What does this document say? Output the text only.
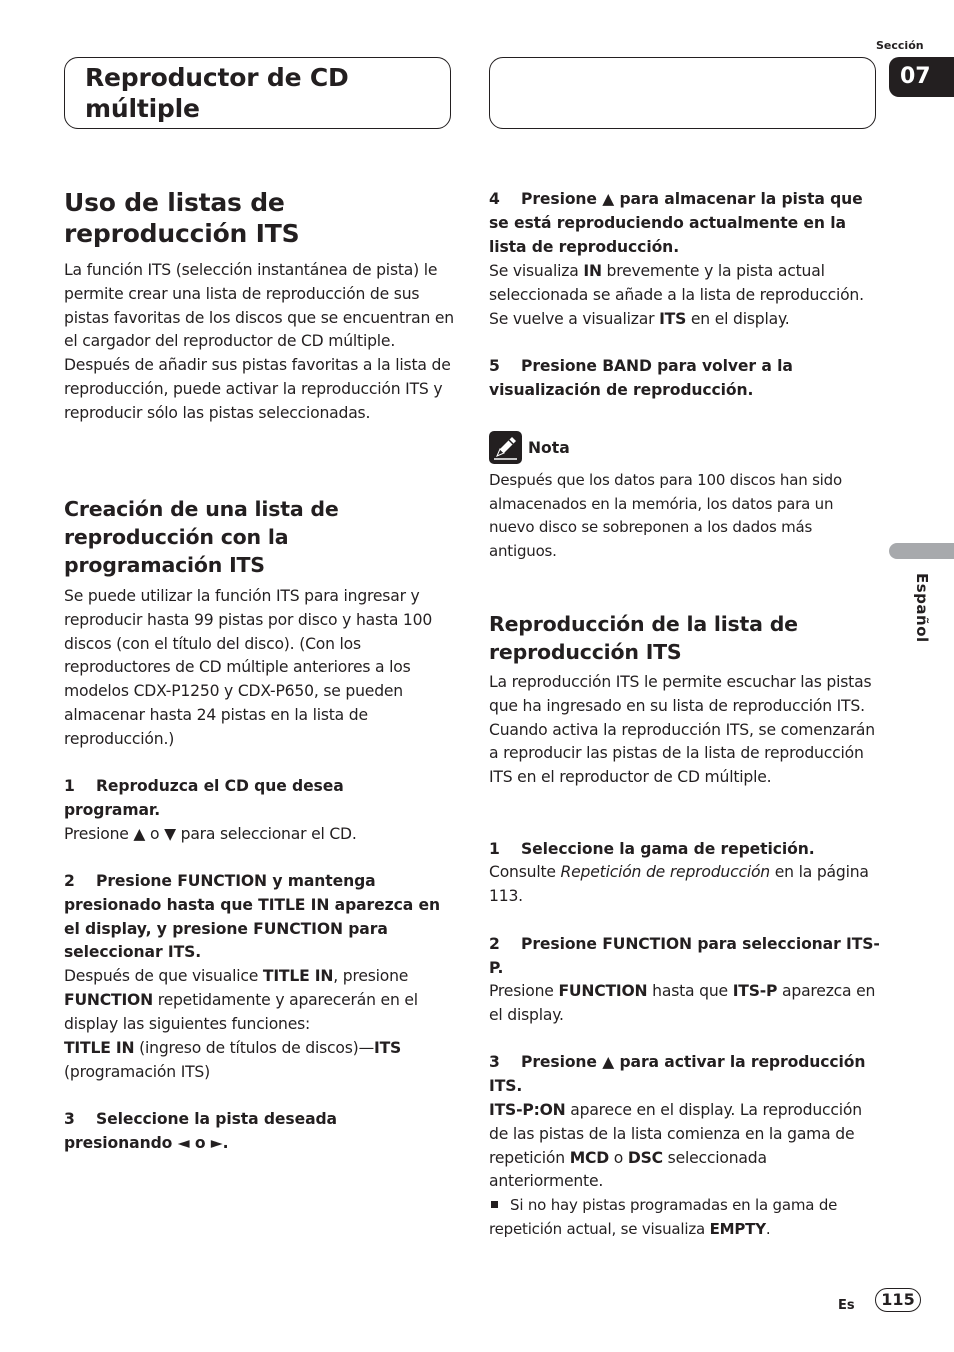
Reproductor de CD múltiple
Sección
07
Español
Uso de listas de reproducción ITS
La función ITS (selección instantánea de pista) le permite crear una lista de reproducción de sus pistas favoritas de los discos que se encuentran en el cargador del reproductor de CD múltiple. Después de añadir sus pistas favoritas a la lista de reproducción, puede activar la reproducción ITS y reproducir sólo las pistas seleccionadas.
Creación de una lista de reproducción con la programación ITS
Se puede utilizar la función ITS para ingresar y reproducir hasta 99 pistas por disco y hasta 100 discos (con el título del disco). (Con los reproductores de CD múltiple anteriores a los modelos CDX-P1250 y CDX-P650, se pueden almacenar hasta 24 pistas en la lista de reproducción.)
1 Reproduzca el CD que desea programar.
Presione ▲ o ▼ para seleccionar el CD.
2 Presione FUNCTION y mantenga presionado hasta que TITLE IN aparezca en el display, y presione FUNCTION para seleccionar ITS.
Después de que visualice TITLE IN, presione FUNCTION repetidamente y aparecerán en el display las siguientes funciones:
TITLE IN (ingreso de títulos de discos)—ITS (programación ITS)
3 Seleccione la pista deseada presionando ◄ o ►.
4 Presione ▲ para almacenar la pista que se está reproduciendo actualmente en la lista de reproducción.
Se visualiza IN brevemente y la pista actual seleccionada se añade a la lista de reproducción. Se vuelve a visualizar ITS en el display.
5 Presione BAND para volver a la visualización de reproducción.
Nota
Después que los datos para 100 discos han sido almacenados en la memória, los datos para un nuevo disco se sobreponen a los dados más antiguos.
Reproducción de la lista de reproducción ITS
La reproducción ITS le permite escuchar las pistas que ha ingresado en su lista de reproducción ITS. Cuando activa la reproducción ITS, se comenzarán a reproducir las pistas de la lista de reproducción ITS en el reproductor de CD múltiple.
1 Seleccione la gama de repetición.
Consulte Repetición de reproducción en la página 113.
2 Presione FUNCTION para seleccionar ITS-P.
Presione FUNCTION hasta que ITS-P aparezca en el display.
3 Presione ▲ para activar la reproducción ITS.
ITS-P:ON aparece en el display. La reproducción de las pistas de la lista comienza en la gama de repetición MCD o DSC seleccionada anteriormente.
Si no hay pistas programadas en la gama de repetición actual, se visualiza EMPTY.
Es	115
